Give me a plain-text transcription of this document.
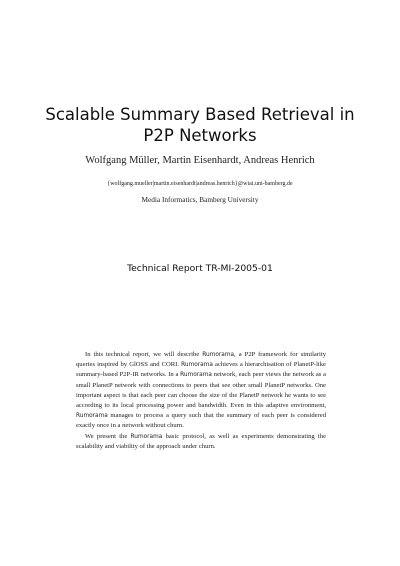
Scalable Summary Based Retrieval in
P2P Networks
Wolfgang Müller, Martin Eisenhardt, Andreas Henrich
{wolfgang.mueller|martin.eisenhardt|andreas.henrich}@wiai.uni-bamberg.de
Media Informatics, Bamberg University
Technical Report TR-MI-2005-01

In this technical report, we will describe Rumorama, a P2P framework for similarity queries inspired by GlOSS and CORI. Rumorama achieves a hierarchisation of PlanetP-like summary-based P2P-IR networks. In a Rumorama network, each peer views the network as a small PlanetP network with connections to peers that see other small PlanetP networks. One important aspect is that each peer can choose the size of the PlanetP network he wants to see according to its local processing power and bandwidth. Even in this adaptive environment, Rumorama manages to process a query such that the summary of each peer is considered exactly once in a network without churn.

We present the Rumorama basic protocol, as well as experiments demonstrating the scalability and viability of the approach under churn.
